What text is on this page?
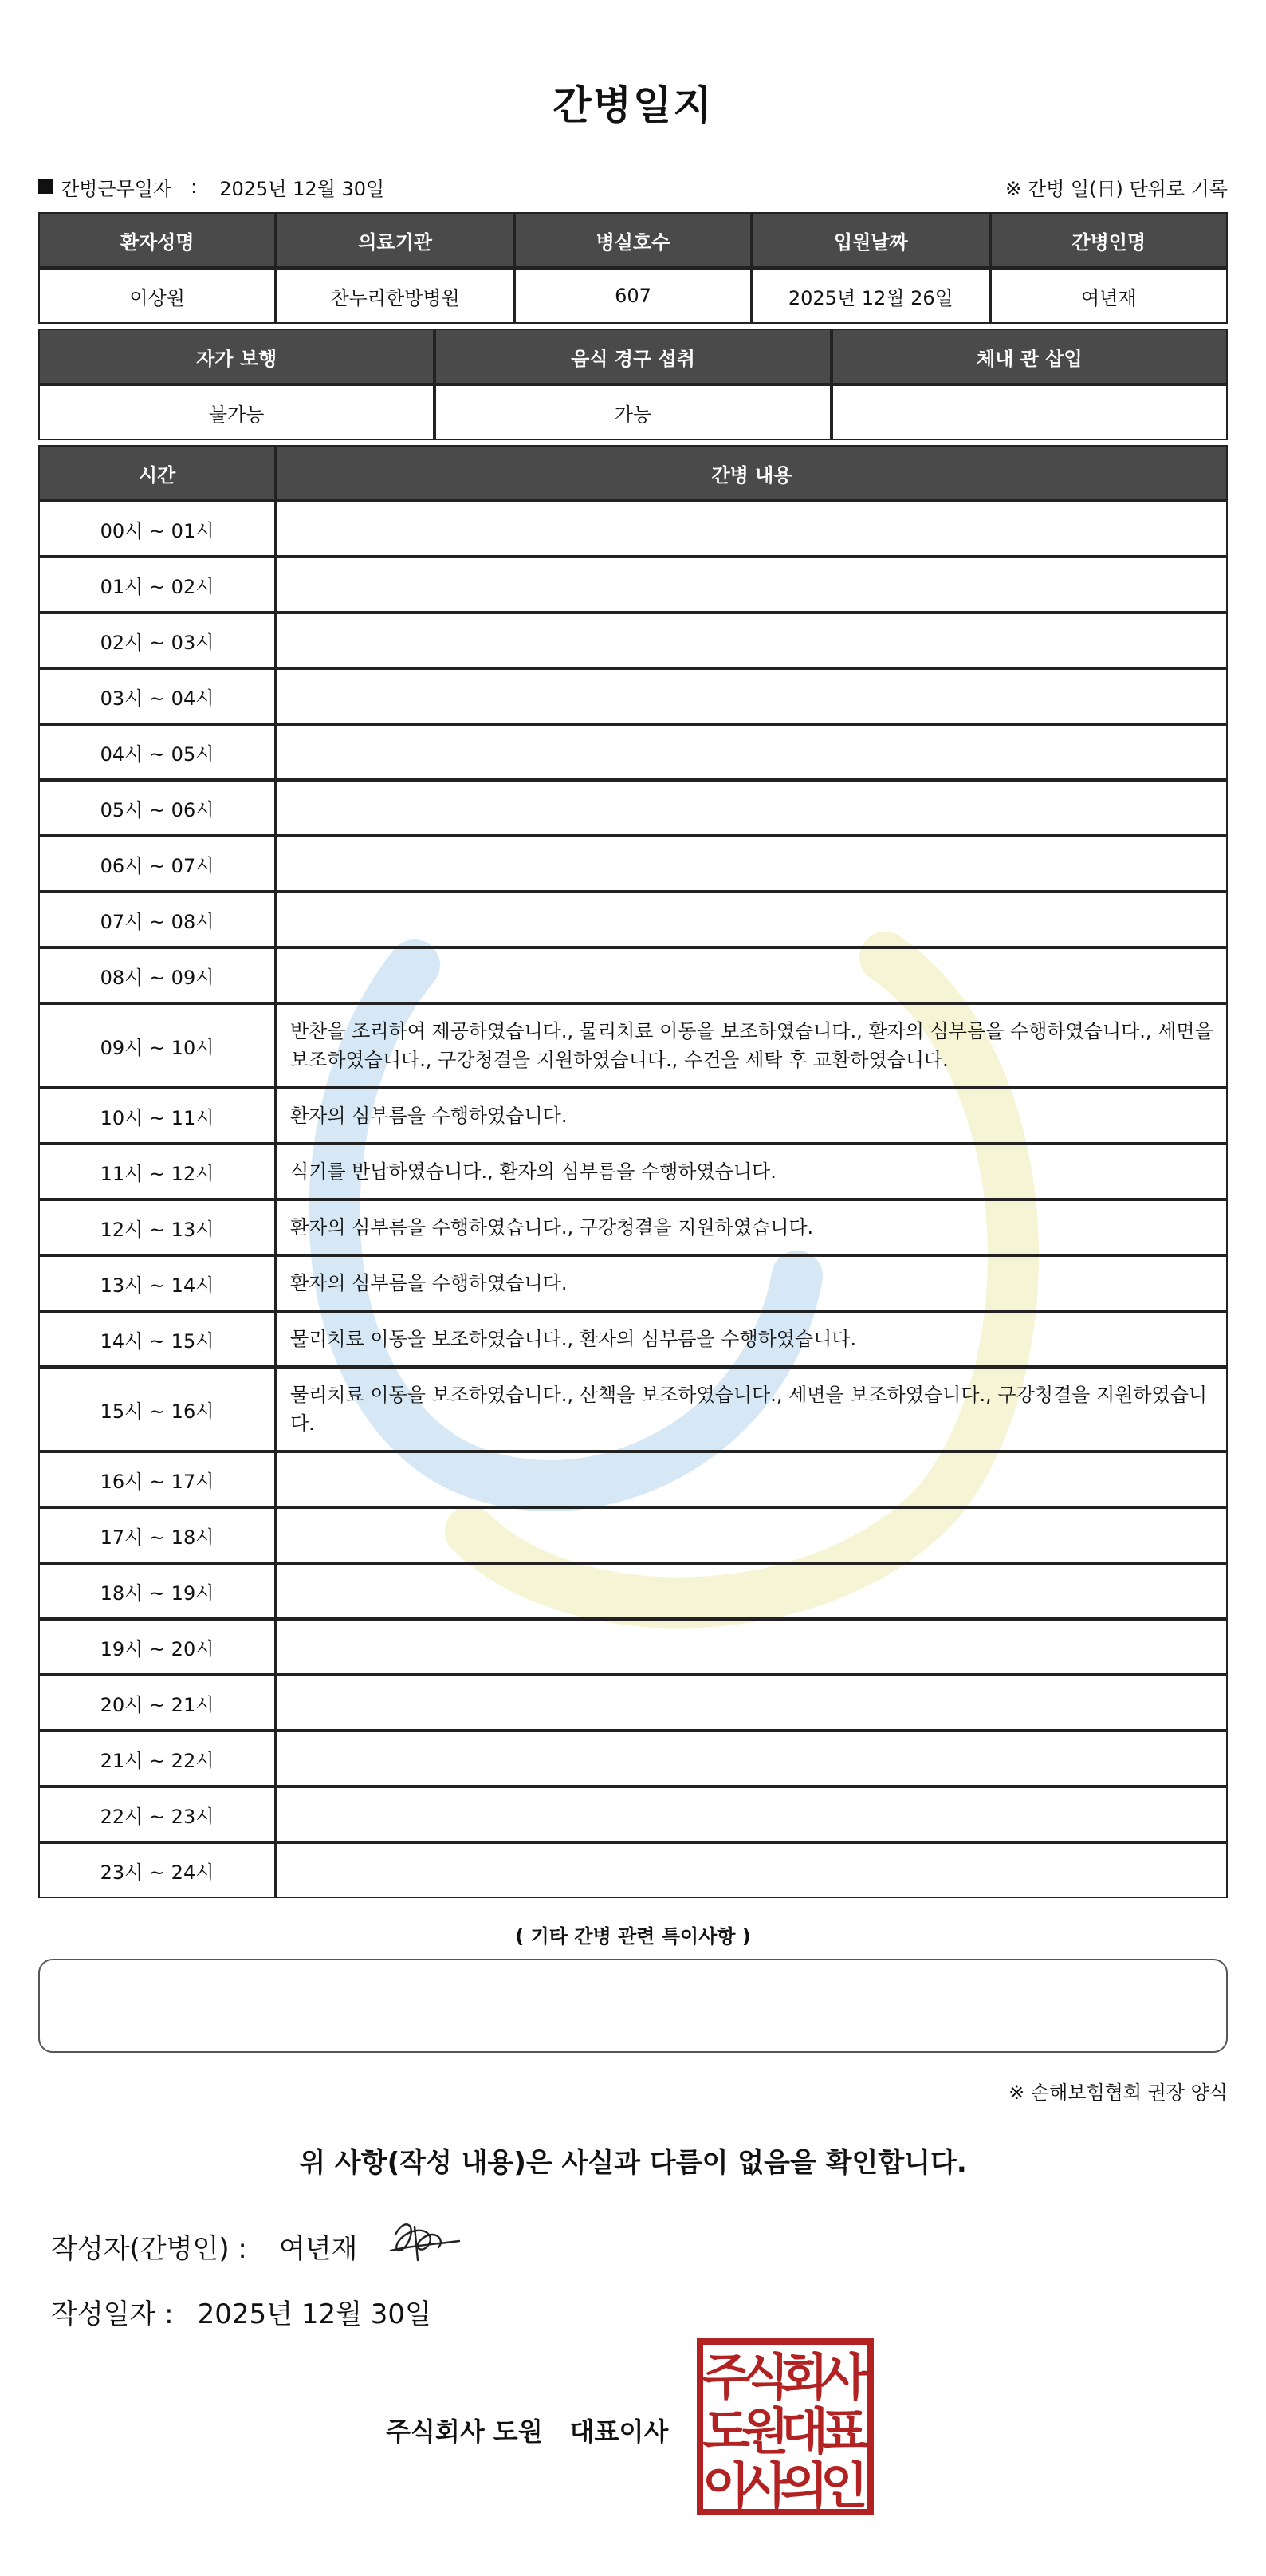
간병일지
간병근무일자 : 2025년 12월 30일	※ 간병 일(日) 단위로 기록
환자성명	의료기관	병실호수	입원날짜	간병인명
이상원	찬누리한방병원	607	2025년 12월 26일	여년재
자가 보행	음식 경구 섭취	체내 관 삽입
불가능	가능	
시간	간병 내용
00시 ~ 01시	
01시 ~ 02시	
02시 ~ 03시	
03시 ~ 04시	
04시 ~ 05시	
05시 ~ 06시	
06시 ~ 07시	
07시 ~ 08시	
08시 ~ 09시	
09시 ~ 10시	반찬을 조리하여 제공하였습니다., 물리치료 이동을 보조하였습니다., 환자의 심부름을 수행하였습니다., 세면을 보조하였습니다., 구강청결을 지원하였습니다., 수건을 세탁 후 교환하였습니다.
10시 ~ 11시	환자의 심부름을 수행하였습니다.
11시 ~ 12시	식기를 반납하였습니다., 환자의 심부름을 수행하였습니다.
12시 ~ 13시	환자의 심부름을 수행하였습니다., 구강청결을 지원하였습니다.
13시 ~ 14시	환자의 심부름을 수행하였습니다.
14시 ~ 15시	물리치료 이동을 보조하였습니다., 환자의 심부름을 수행하였습니다.
15시 ~ 16시	물리치료 이동을 보조하였습니다., 산책을 보조하였습니다., 세면을 보조하였습니다., 구강청결을 지원하였습니다.
16시 ~ 17시	
17시 ~ 18시	
18시 ~ 19시	
19시 ~ 20시	
20시 ~ 21시	
21시 ~ 22시	
22시 ~ 23시	
23시 ~ 24시	
( 기타 간병 관련 특이사항 )
※ 손해보험협회 권장 양식
위 사항(작성 내용)은 사실과 다름이 없음을 확인합니다.
작성자(간병인) : 여년재
작성일자 : 2025년 12월 30일
주식회사 도원 대표이사
주
식
회
사
도
원
대
표
이
사
의
인
